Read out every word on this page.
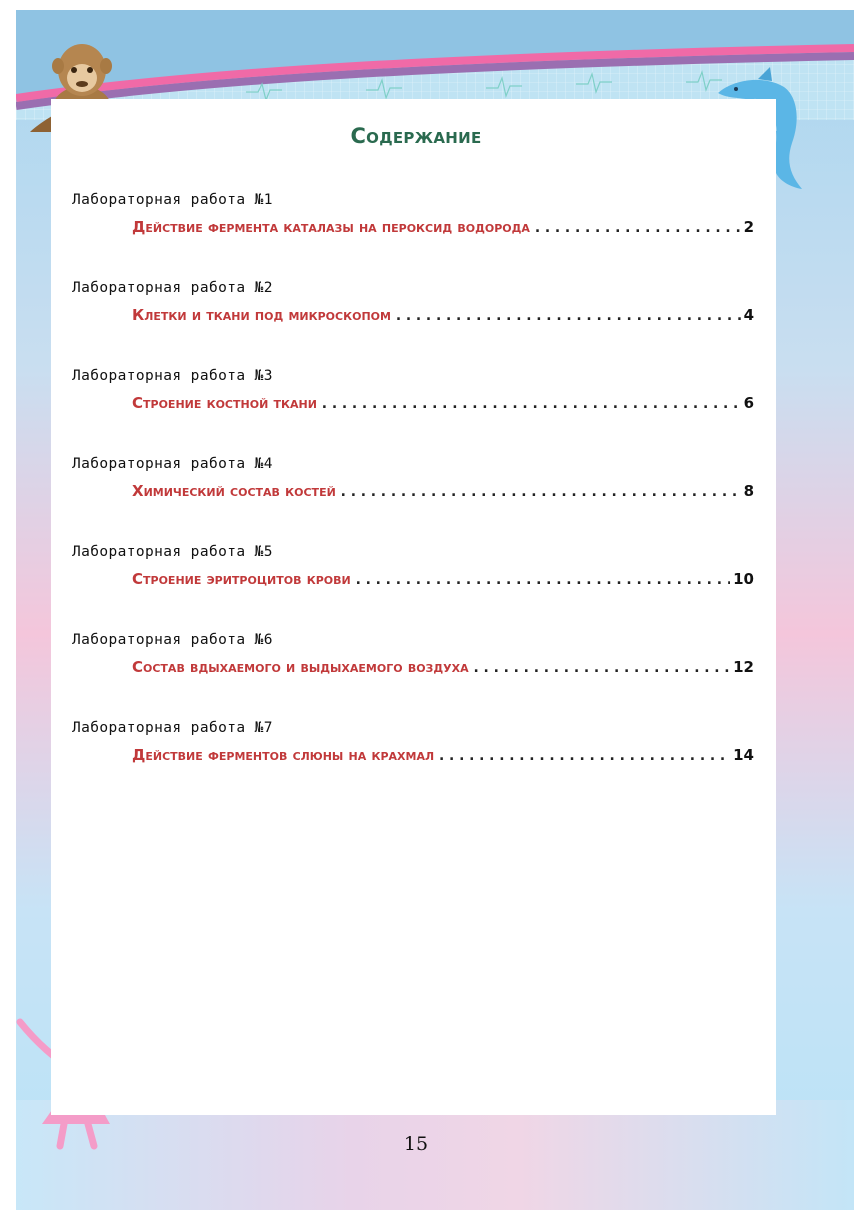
Содержание
Лабораторная работа №1
Действие фермента каталазы на пероксид водорода .....	2
Лабораторная работа №2
Клетки и ткани под микроскопом .....	4
Лабораторная работа №3
Строение костной ткани .....	6
Лабораторная работа №4
Химический состав костей .....	8
Лабораторная работа №5
Строение эритроцитов крови .....	10
Лабораторная работа №6
Состав вдыхаемого и выдыхаемого воздуха .....	12
Лабораторная работа №7
Действие ферментов слюны на крахмал .....	14
15
